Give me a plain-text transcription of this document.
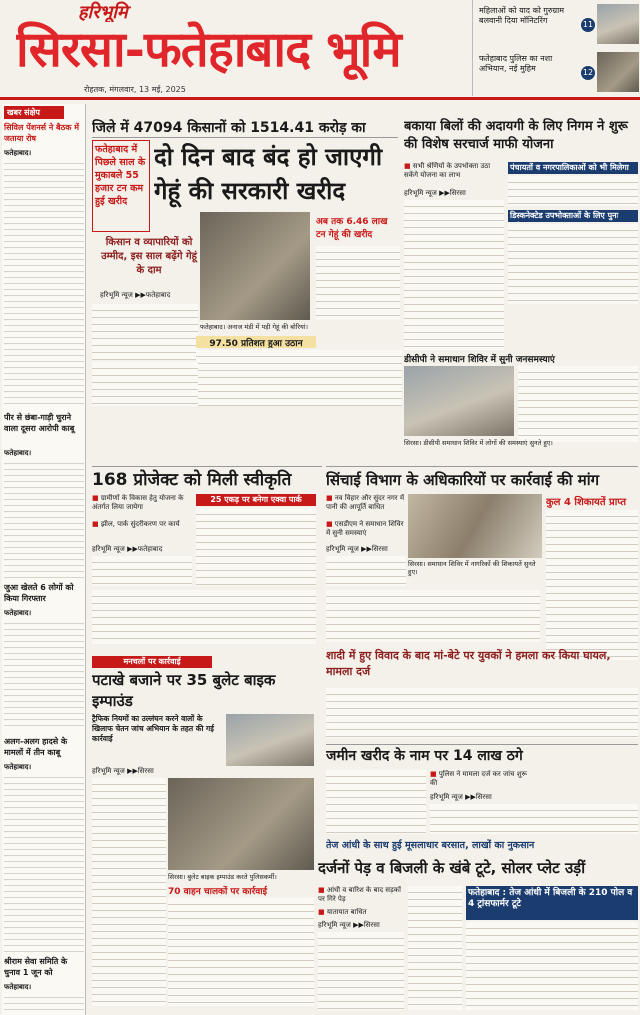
हरिभूमि
सिरसा-फतेहाबाद भूमि
रोहतक, मंगलवार, 13 मई, 2025
महिलाओं को याद को गुरुग्राम बलवानी दिया मॉनिटरिंग	11
फतेहाबाद पुलिस का नशा अभियान, नई मुहिम	12
खबर संक्षेप
सिविल पेंशनर्स ने बैठक में जताया रोष
फतेहाबाद।
पीर से छंबा-गाड़ी चुराने वाला दूसरा आरोपी काबू
फतेहाबाद।
जुआ खेलते 6 लोगों को किया गिरफ्तार
फतेहाबाद।
अलग-अलग हादसे के मामलों में तीन काबू
फतेहाबाद।
श्रीराम सेवा समिति के चुनाव 1 जून को
फतेहाबाद।
जिले में 47094 किसानों को 1514.41 करोड़ का
फतेहाबाद में पिछले साल के मुकाबले 55 हजार टन कम हुई खरीद
दो दिन बाद बंद हो जाएगी गेहूं की सरकारी खरीद
किसान व व्यापारियों को उम्मीद, इस साल बढ़ेंगे गेहूं के दाम
हरिभूमि न्यूज ▶▶फतेहाबाद
फतेहाबाद। अनाज मंडी में पड़ी गेहूं की बोरियां।
अब तक 6.46 लाख टन गेहूं की खरीद
97.50 प्रतिशत हुआ उठान
बकाया बिलों की अदायगी के लिए निगम ने शुरू की विशेष सरचार्ज माफी योजना
■ सभी श्रेणियों के उपभोक्ता उठा सकेंगे योजना का लाभ
हरिभूमि न्यूज ▶▶सिरसा
पंचायतों व नगरपालिकाओं को भी मिलेगा
डिस्कनेक्टेड उपभोक्ताओं के लिए पुनः
डीसीपी ने समाधान शिविर में सुनी जनसमस्याएं
सिरसा। डीसीपी समाधान शिविर में लोगों की समस्याएं सुनते हुए।
168 प्रोजेक्ट को मिली स्वीकृति
■ ग्रामीणों के विकास हेतु योजना के अंतर्गत लिया जायेगा
■ झील, पार्क सुंदरीकरण पर कार्य
हरिभूमि न्यूज ▶▶फतेहाबाद
25 एकड़ पर बनेगा एक्वा पार्क
सिंचाई विभाग के अधिकारियों पर कार्रवाई की मांग
■ नव विहार और सुंदर नगर में पानी की आपूर्ति बाधित
■ एसडीएम ने समाधान शिविर में सुनी समस्याएं
हरिभूमि न्यूज ▶▶सिरसा
सिरसा। समाधान शिविर में नागरिकों की शिकायतें सुनते हुए।
कुल 4 शिकायतें प्राप्त
शादी में हुए विवाद के बाद मां-बेटे पर युवकों ने हमला कर किया घायल, मामला दर्ज
मनचलों पर कार्रवाई
पटाखे बजाने पर 35 बुलेट बाइक इम्पाउंड
ट्रैफिक नियमों का उल्लंघन करने वालों के खिलाफ चेतन जांच अभियान के तहत की गई कार्रवाई
हरिभूमि न्यूज ▶▶सिरसा
सिरसा। बुलेट बाइक इम्पाउंड करते पुलिसकर्मी।
70 वाहन चालकों पर कार्रवाई
जमीन खरीद के नाम पर 14 लाख ठगे
■ पुलिस ने मामला दर्ज कर जांच शुरू की
हरिभूमि न्यूज ▶▶सिरसा
तेज आंधी के साथ हुई मूसलाधार बरसात, लाखों का नुकसान
दर्जनों पेड़ व बिजली के खंबे टूटे, सोलर प्लेट उड़ीं
■ आंधी व बारिश के बाद सड़कों पर गिरे पेड़
■ यातायात बाधित
हरिभूमि न्यूज ▶▶सिरसा
फतेहाबाद : तेज आंधी में बिजली के 210 पोल व 4 ट्रांसफार्मर टूटे
